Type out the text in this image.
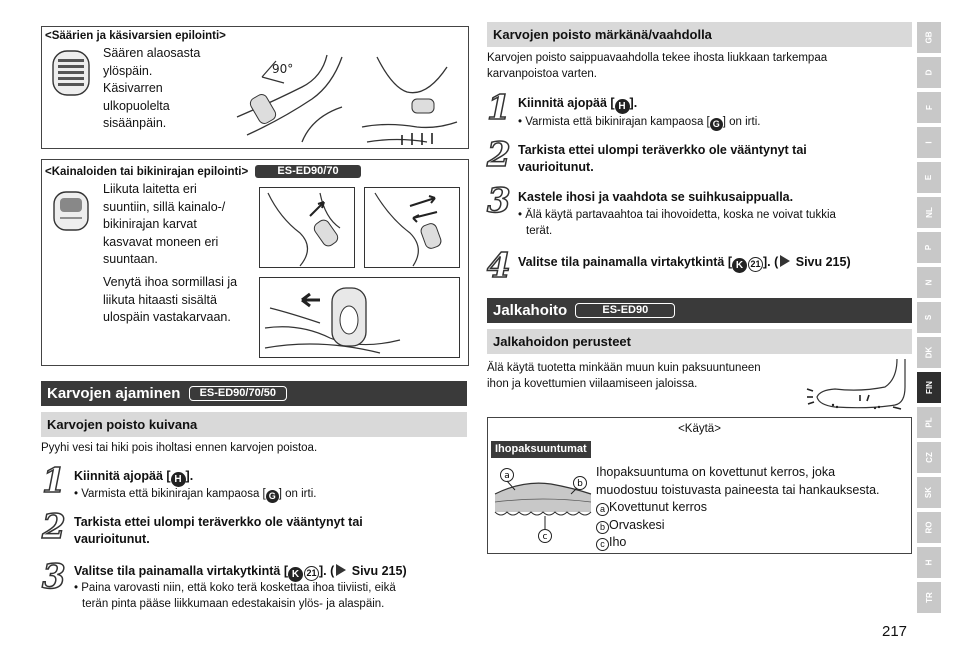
<Säärien ja käsivarsien epilointi>
Säären alaosasta
ylöspäin.
Käsivarren
ulkopuolelta
sisäänpäin.
90°
<Kainaloiden tai bikinirajan epilointi>	ES-ED90/70
Liikuta laitetta eri
suuntiin, sillä kainalo-/
bikinirajan karvat
kasvavat moneen eri
suuntaan.
Venytä ihoa sormillasi ja
liikuta hitaasti sisältä
ulospäin vastakarvaan.
Karvojen ajaminen ES-ED90/70/50
Karvojen poisto kuivana
Pyyhi vesi tai hiki pois iholtasi ennen karvojen poistoa.
1 Kiinnitä ajopää [ H ].
• Varmista että bikinirajan kampaosa [ G ] on irti.
2 Tarkista ettei ulompi teräverkko ole vääntynyt tai
vaurioitunut.
3 Valitse tila painamalla virtakytkintä [ K 21 ]. ( Sivu 215)
• Paina varovasti niin, että koko terä koskettaa ihoa tiiviisti, eikä
terän pinta pääse liikkumaan edestakaisin ylös- ja alaspäin.
Karvojen poisto märkänä/vaahdolla
Karvojen poisto saippuavaahdolla tekee ihosta liukkaan tarkempaa
karvanpoistoa varten.
1 Kiinnitä ajopää [ H ].
• Varmista että bikinirajan kampaosa [ G ] on irti.
2 Tarkista ettei ulompi teräverkko ole vääntynyt tai
vaurioitunut.
3 Kastele ihosi ja vaahdota se suihkusaippualla.
• Älä käytä partavaahtoa tai ihovoidetta, koska ne voivat tukkia
terät.
4 Valitse tila painamalla virtakytkintä [ K 21 ]. ( Sivu 215)
Jalkahoito	ES-ED90
Jalkahoidon perusteet
Älä käytä tuotetta minkään muun kuin paksuuntuneen
ihon ja kovettumien viilaamiseen jaloissa.
<Käytä>
Ihopaksuuntumat
a
b
c
Ihopaksuuntuma on kovettunut kerros, joka
muodostuu toistuvasta paineesta tai hankauksesta.
a Kovettunut kerros
b Orvaskesi
c Iho
217
GB
D
F
I
E
NL
P
N
S
DK
FIN
PL
CZ
SK
RO
H
TR
